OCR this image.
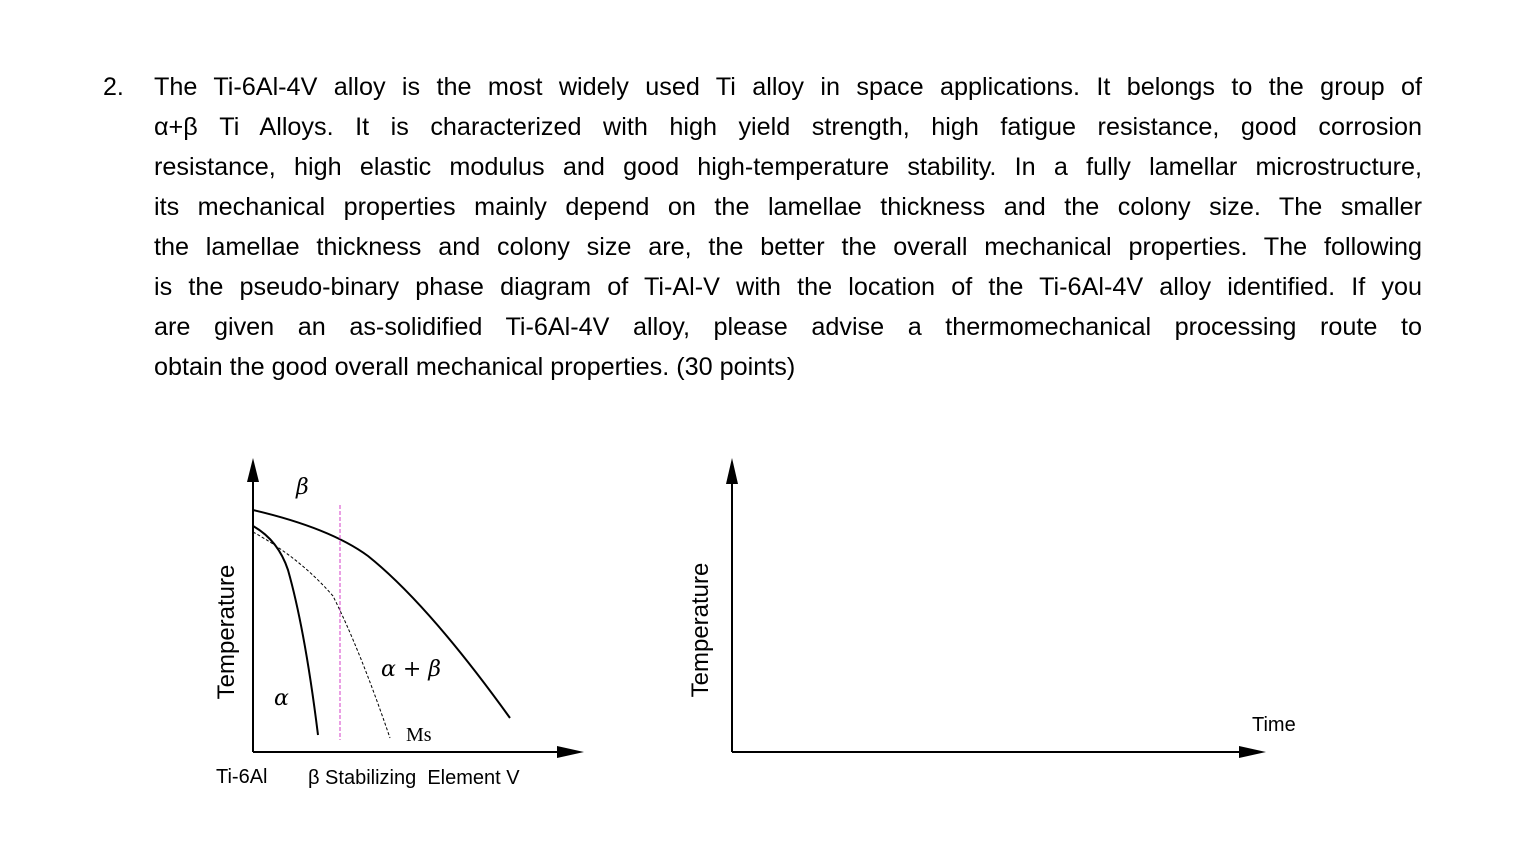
2. The Ti-6Al-4V alloy is the most widely used Ti alloy in space applications. It belongs to the group of
α+β Ti Alloys. It is characterized with high yield strength, high fatigue resistance, good corrosion
resistance, high elastic modulus and good high-temperature stability. In a fully lamellar microstructure,
its mechanical properties mainly depend on the lamellae thickness and the colony size. The smaller
the lamellae thickness and colony size are, the better the overall mechanical properties. The following
is the pseudo-binary phase diagram of Ti-Al-V with the location of the Ti-6Al-4V alloy identified. If you
are given an as-solidified Ti-6Al-4V alloy, please advise a thermomechanical processing route to
obtain the good overall mechanical properties. (30 points)
β
α
α + β
Ms
Temperature
Ti-6Al β Stabilizing  Element V
Temperature
Time
